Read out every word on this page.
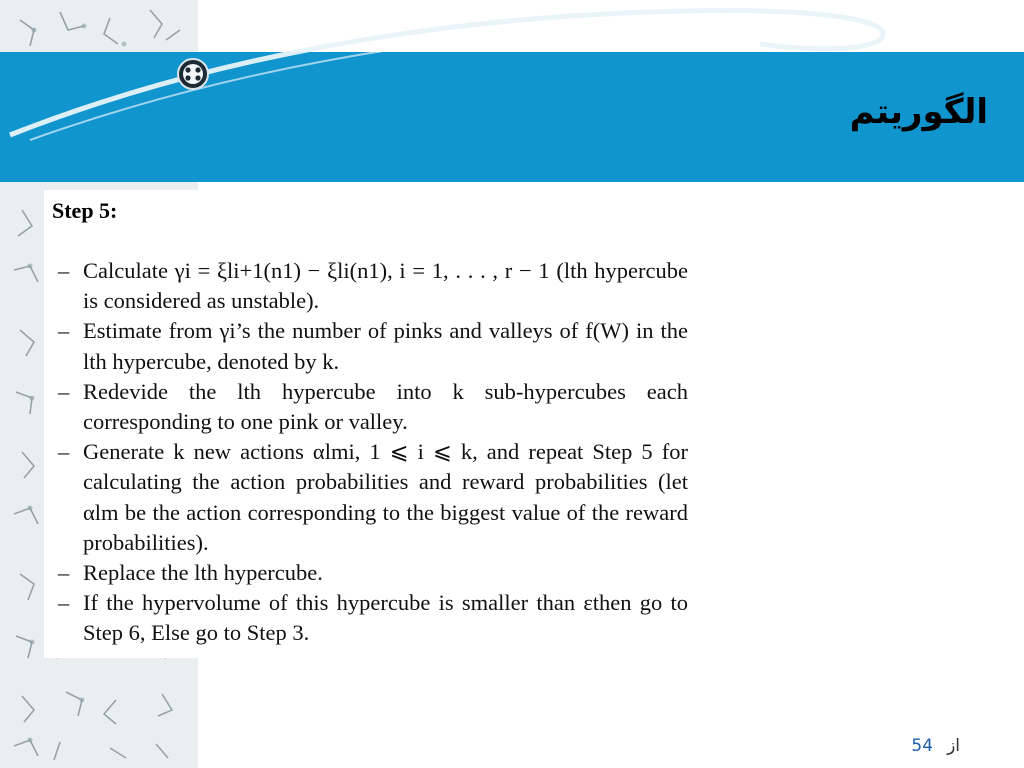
الگوریتم
Step 5:
– Calculate γi = ξli+1(n1) − ξli(n1), i = 1, . . . , r − 1 (lth hypercube is considered as unstable).
– Estimate from γi’s the number of pinks and valleys of f(W) in the lth hypercube, denoted by k.
– Redevide the lth hypercube into k sub-hypercubes each corresponding to one pink or valley.
– Generate k new actions αlmi, 1 ⩽ i ⩽ k, and repeat Step 5 for calculating the action probabilities and reward probabilities (let αlm be the action corresponding to the biggest value of the reward probabilities).
– Replace the lth hypercube.
– If the hypervolume of this hypercube is smaller than εthen go to Step 6, Else go to Step 3.
از54
